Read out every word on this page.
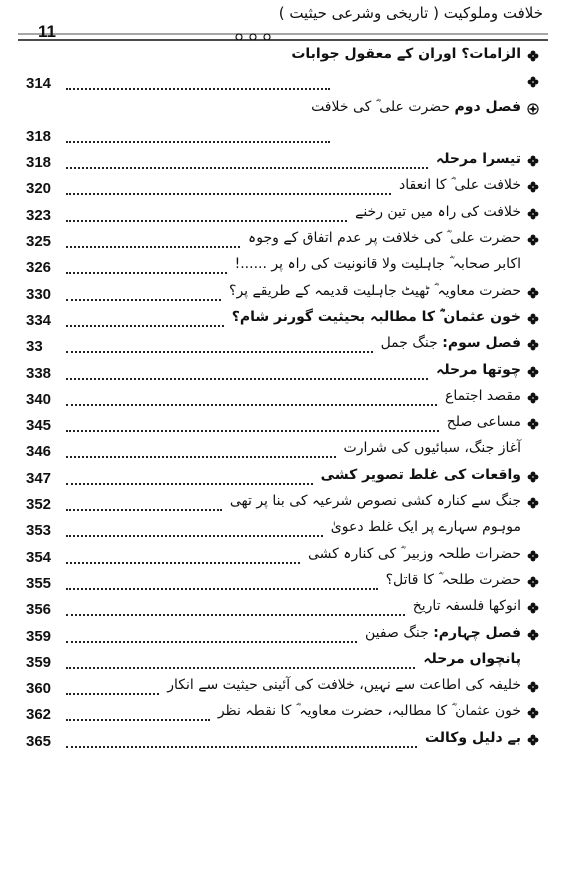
خلافت وملوکیت ( تاریخی وشرعی حیثیت )
11
الزامات؟ اوران کے معقول جوابات
314
فصل دوم حضرت علی ؓ کی خلافت
318
تیسرا مرحلہ
318
خلافت علی ؓ کا انعقاد
320
خلافت کی راہ میں تین رخنے
323
حضرت علی ؓ کی خلافت پر عدم اتفاق کے وجوہ
325
اکابر صحابہ ؓ جاہلیت ولا قانونیت کی راہ پر ......!
326
حضرت معاویہ ؓ ٹھیٹ جاہلیت قدیمہ کے طریقے پر؟
330
خون عثمان ؓ کا مطالبہ بحیثیت گورنر شام؟
334
فصل سوم: جنگ جمل
33
چوتھا مرحلہ
338
مقصد اجتماع
340
مساعی صلح
345
آغاز جنگ، سبائیوں کی شرارت
346
واقعات کی غلط تصویر کشی
347
جنگ سے کنارہ کشی نصوص شرعیہ کی بنا پر تھی
352
موہوم سہارے پر ایک غلط دعویٰ
353
حضرات طلحہ وزبیر ؓ کی کنارہ کشی
354
حضرت طلحہ ؓ کا قاتل؟
355
انوکھا فلسفہ تاریخ
356
فصل چہارم: جنگ صفین
359
پانچواں مرحلہ
359
خلیفہ کی اطاعت سے نہیں، خلافت کی آئینی حیثیت سے انکار
360
خون عثمان ؓ کا مطالبہ، حضرت معاویہ ؓ کا نقطہ نظر
362
بے دلیل وکالت
365
